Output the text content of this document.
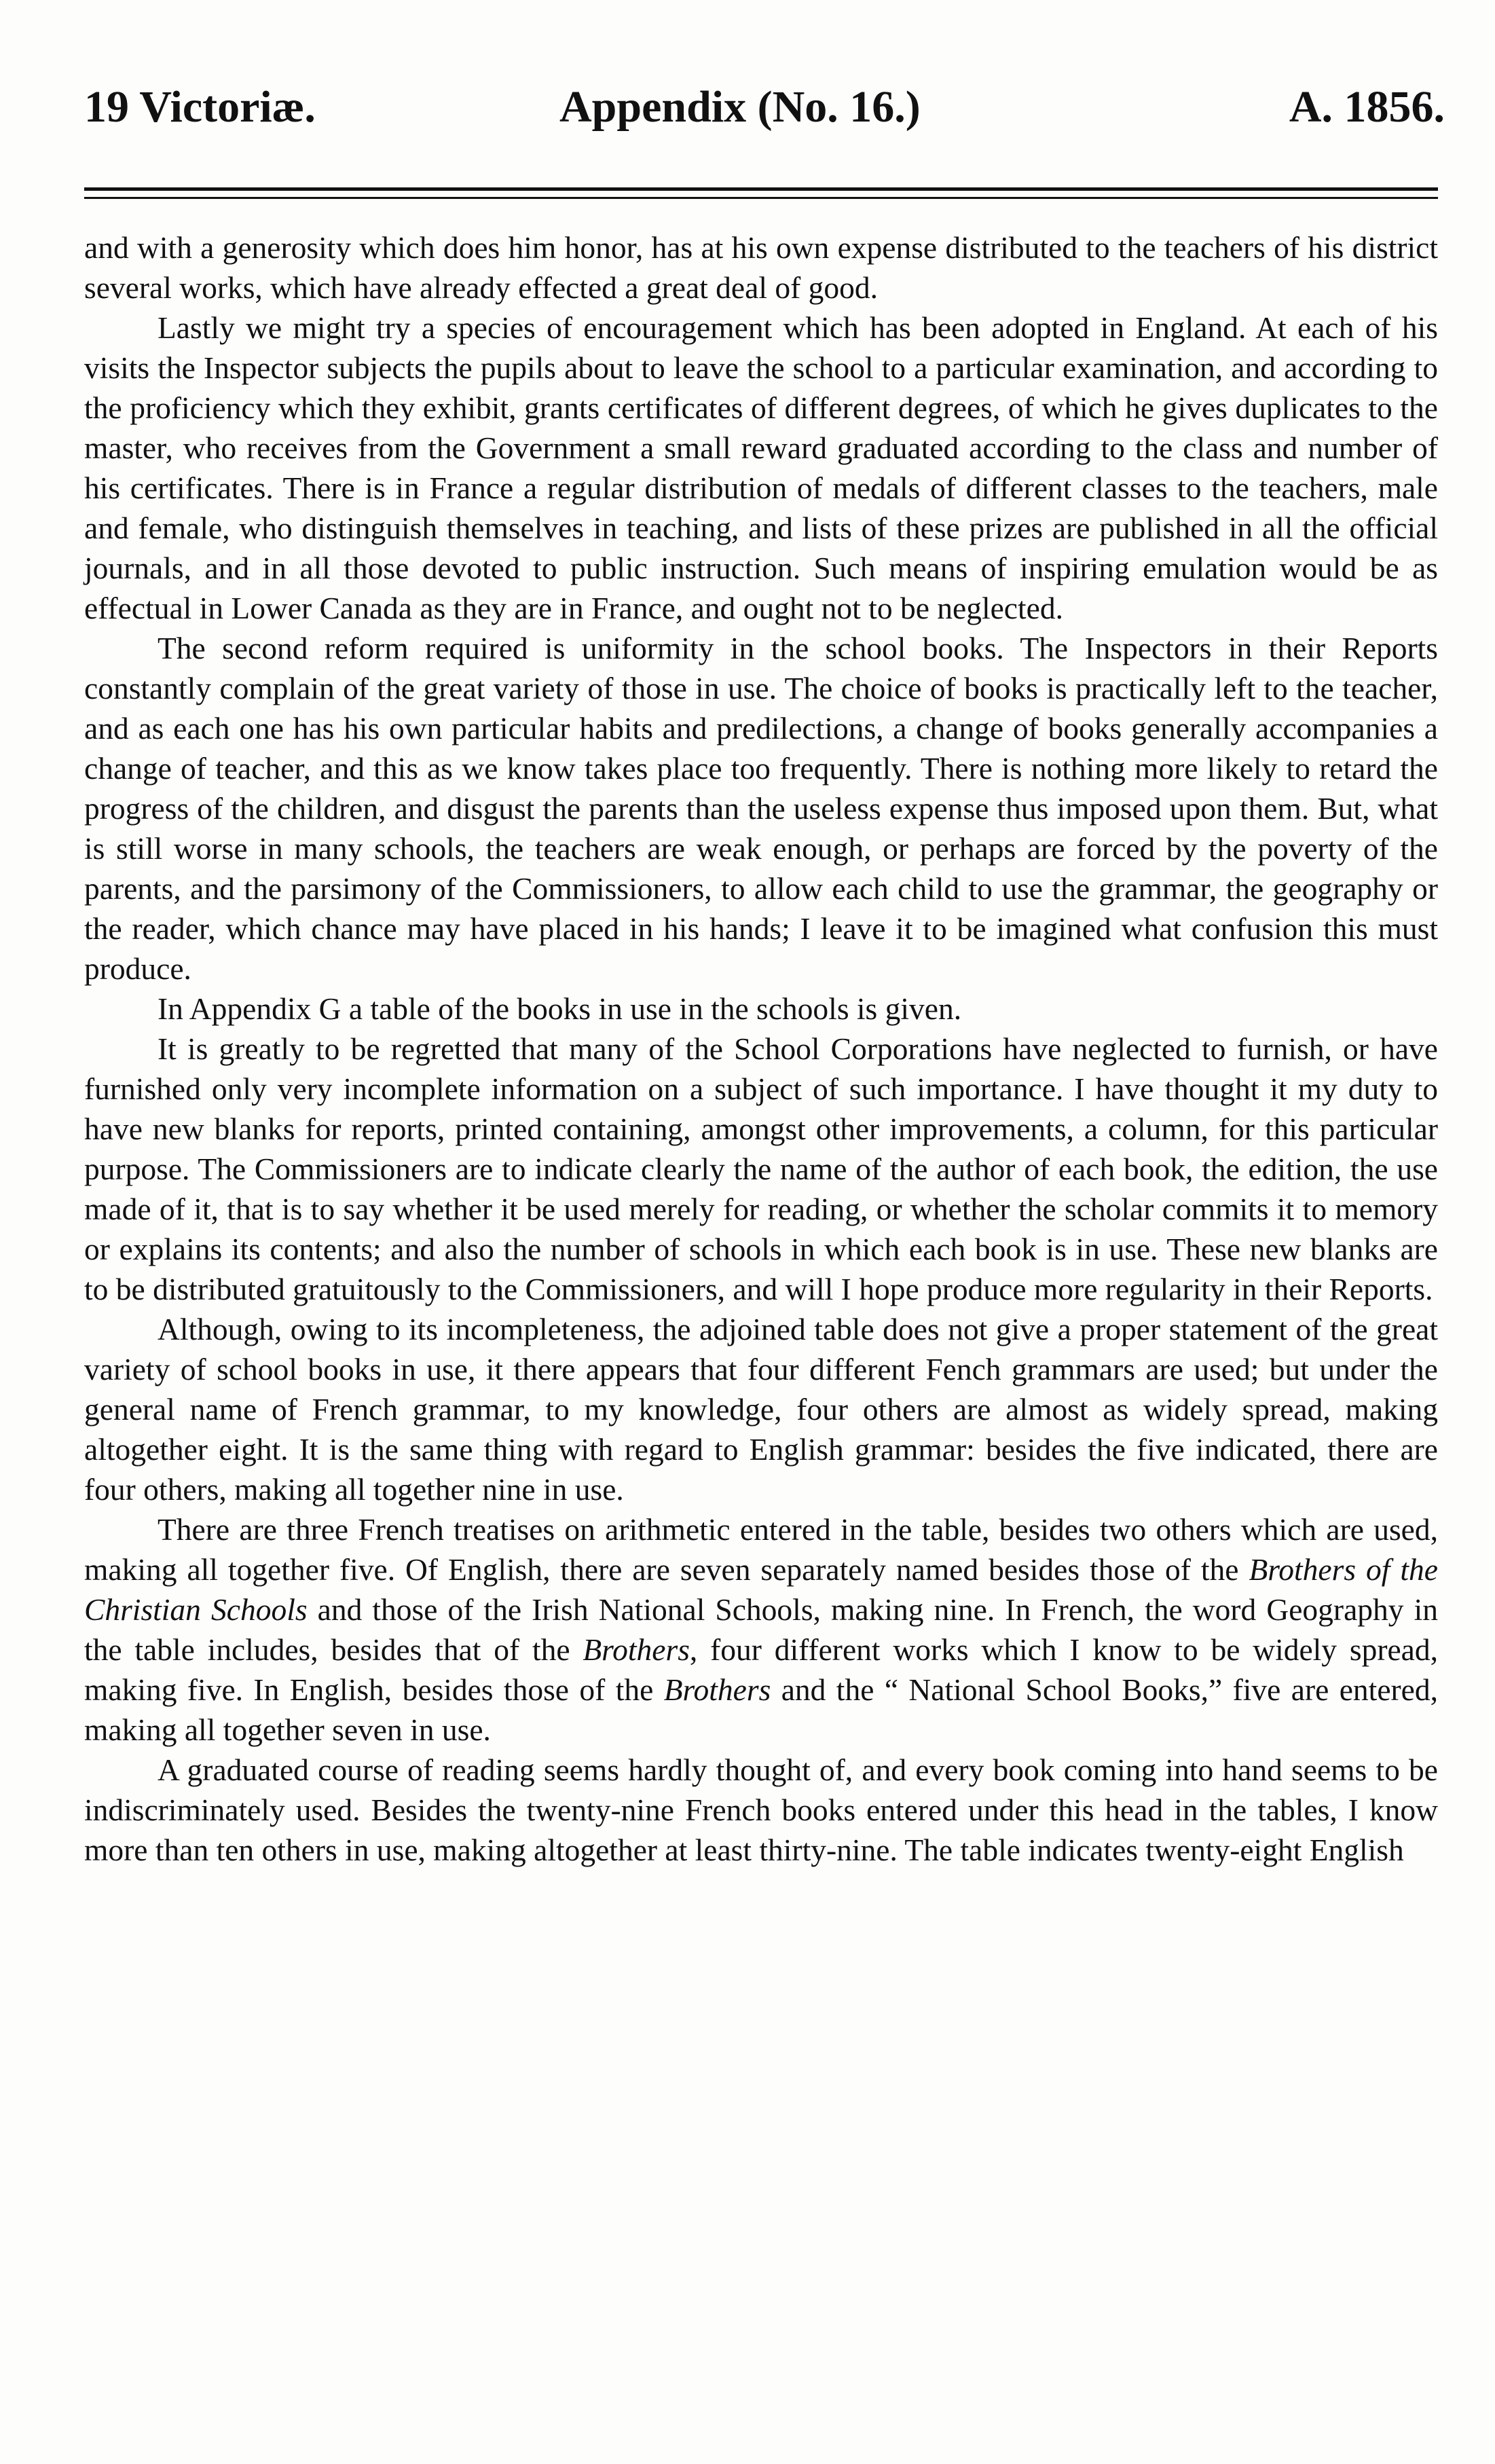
19 Victoriæ.	Appendix (No. 16.)	A. 1856.

and with a generosity which does him honor, has at his own expense distributed to the teachers of his district several works, which have already effected a great deal of good.

Lastly we might try a species of encouragement which has been adopted in England. At each of his visits the Inspector subjects the pupils about to leave the school to a particular examination, and according to the proficiency which they exhibit, grants certificates of different degrees, of which he gives duplicates to the master, who receives from the Government a small reward graduated according to the class and number of his certificates. There is in France a regular distribution of medals of different classes to the teachers, male and female, who distinguish themselves in teaching, and lists of these prizes are published in all the official journals, and in all those devoted to public instruction. Such means of inspiring emulation would be as effectual in Lower Canada as they are in France, and ought not to be neglected.

The second reform required is uniformity in the school books. The Inspectors in their Reports constantly complain of the great variety of those in use. The choice of books is practically left to the teacher, and as each one has his own particular habits and predilections, a change of books generally accompanies a change of teacher, and this as we know takes place too frequently. There is nothing more likely to retard the progress of the children, and disgust the parents than the useless expense thus imposed upon them. But, what is still worse in many schools, the teachers are weak enough, or perhaps are forced by the poverty of the parents, and the parsimony of the Commissioners, to allow each child to use the grammar, the geography or the reader, which chance may have placed in his hands; I leave it to be imagined what confusion this must produce.

In Appendix G a table of the books in use in the schools is given.

It is greatly to be regretted that many of the School Corporations have neglected to furnish, or have furnished only very incomplete information on a subject of such importance. I have thought it my duty to have new blanks for reports, printed containing, amongst other improvements, a column, for this particular purpose. The Commissioners are to indicate clearly the name of the author of each book, the edition, the use made of it, that is to say whether it be used merely for reading, or whether the scholar commits it to memory or explains its contents; and also the number of schools in which each book is in use. These new blanks are to be distributed gratuitously to the Commissioners, and will I hope produce more regularity in their Reports.

Although, owing to its incompleteness, the adjoined table does not give a proper statement of the great variety of school books in use, it there appears that four different Fench grammars are used; but under the general name of French grammar, to my knowledge, four others are almost as widely spread, making altogether eight. It is the same thing with regard to English grammar: besides the five indicated, there are four others, making all together nine in use.

There are three French treatises on arithmetic entered in the table, besides two others which are used, making all together five. Of English, there are seven separately named besides those of the Brothers of the Christian Schools and those of the Irish National Schools, making nine. In French, the word Geography in the table includes, besides that of the Brothers, four different works which I know to be widely spread, making five. In English, besides those of the Brothers and the “ National School Books,” five are entered, making all together seven in use.

A graduated course of reading seems hardly thought of, and every book coming into hand seems to be indiscriminately used. Besides the twenty-nine French books entered under this head in the tables, I know more than ten others in use, making altogether at least thirty-nine. The table indicates twenty-eight English
